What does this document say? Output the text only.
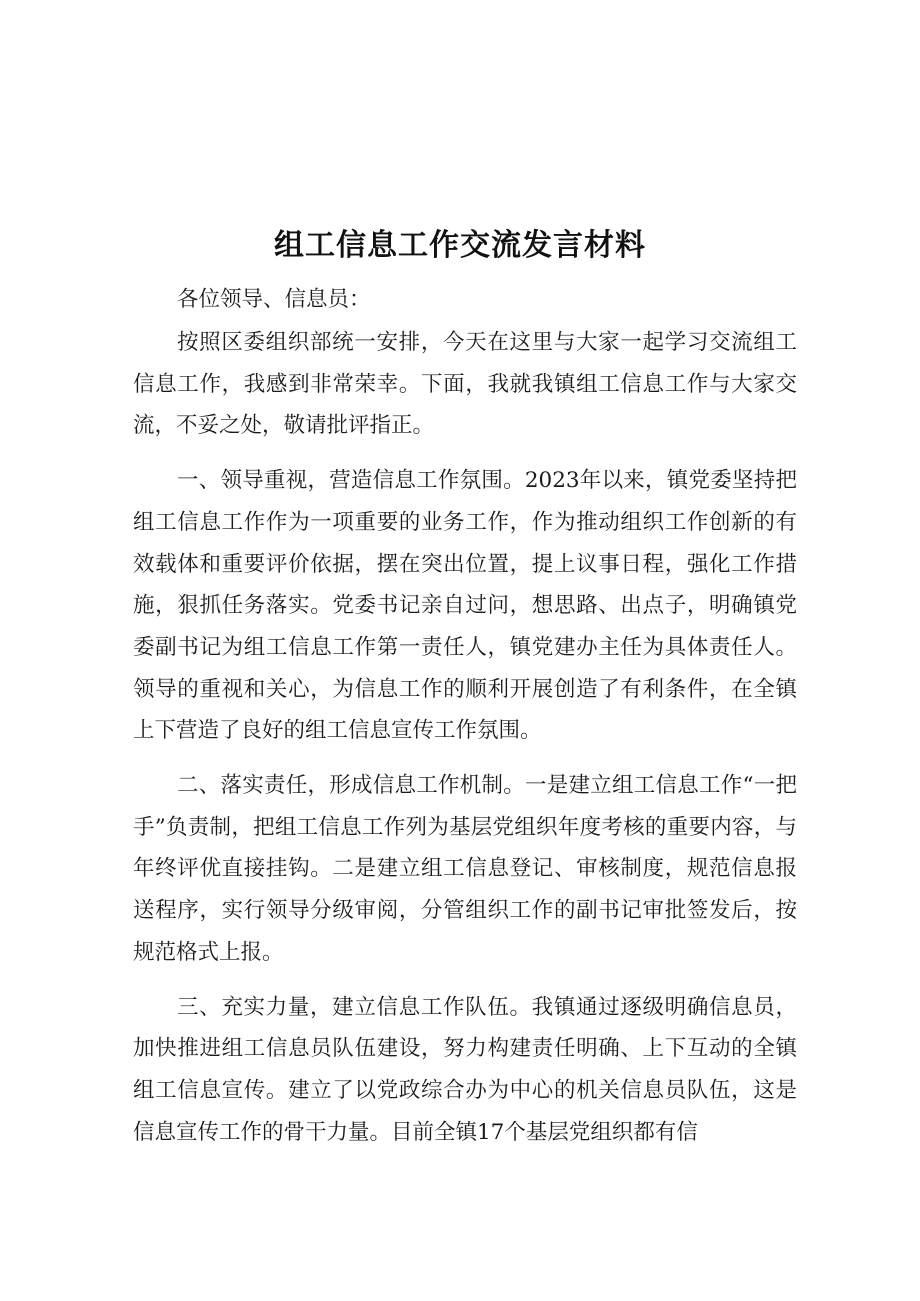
组工信息工作交流发言材料

各位领导、信息员：

按照区委组织部统一安排，今天在这里与大家一起学习交流组工信息工作，我感到非常荣幸。下面，我就我镇组工信息工作与大家交流，不妥之处，敬请批评指正。

一、领导重视，营造信息工作氛围。2023年以来，镇党委坚持把组工信息工作作为一项重要的业务工作，作为推动组织工作创新的有效载体和重要评价依据，摆在突出位置，提上议事日程，强化工作措施，狠抓任务落实。党委书记亲自过问，想思路、出点子，明确镇党委副书记为组工信息工作第一责任人，镇党建办主任为具体责任人。领导的重视和关心，为信息工作的顺利开展创造了有利条件，在全镇上下营造了良好的组工信息宣传工作氛围。

二、落实责任，形成信息工作机制。一是建立组工信息工作“一把手”负责制，把组工信息工作列为基层党组织年度考核的重要内容，与年终评优直接挂钩。二是建立组工信息登记、审核制度，规范信息报送程序，实行领导分级审阅，分管组织工作的副书记审批签发后，按规范格式上报。

三、充实力量，建立信息工作队伍。我镇通过逐级明确信息员，加快推进组工信息员队伍建设，努力构建责任明确、上下互动的全镇组工信息宣传。建立了以党政综合办为中心的机关信息员队伍，这是信息宣传工作的骨干力量。目前全镇17个基层党组织都有信
